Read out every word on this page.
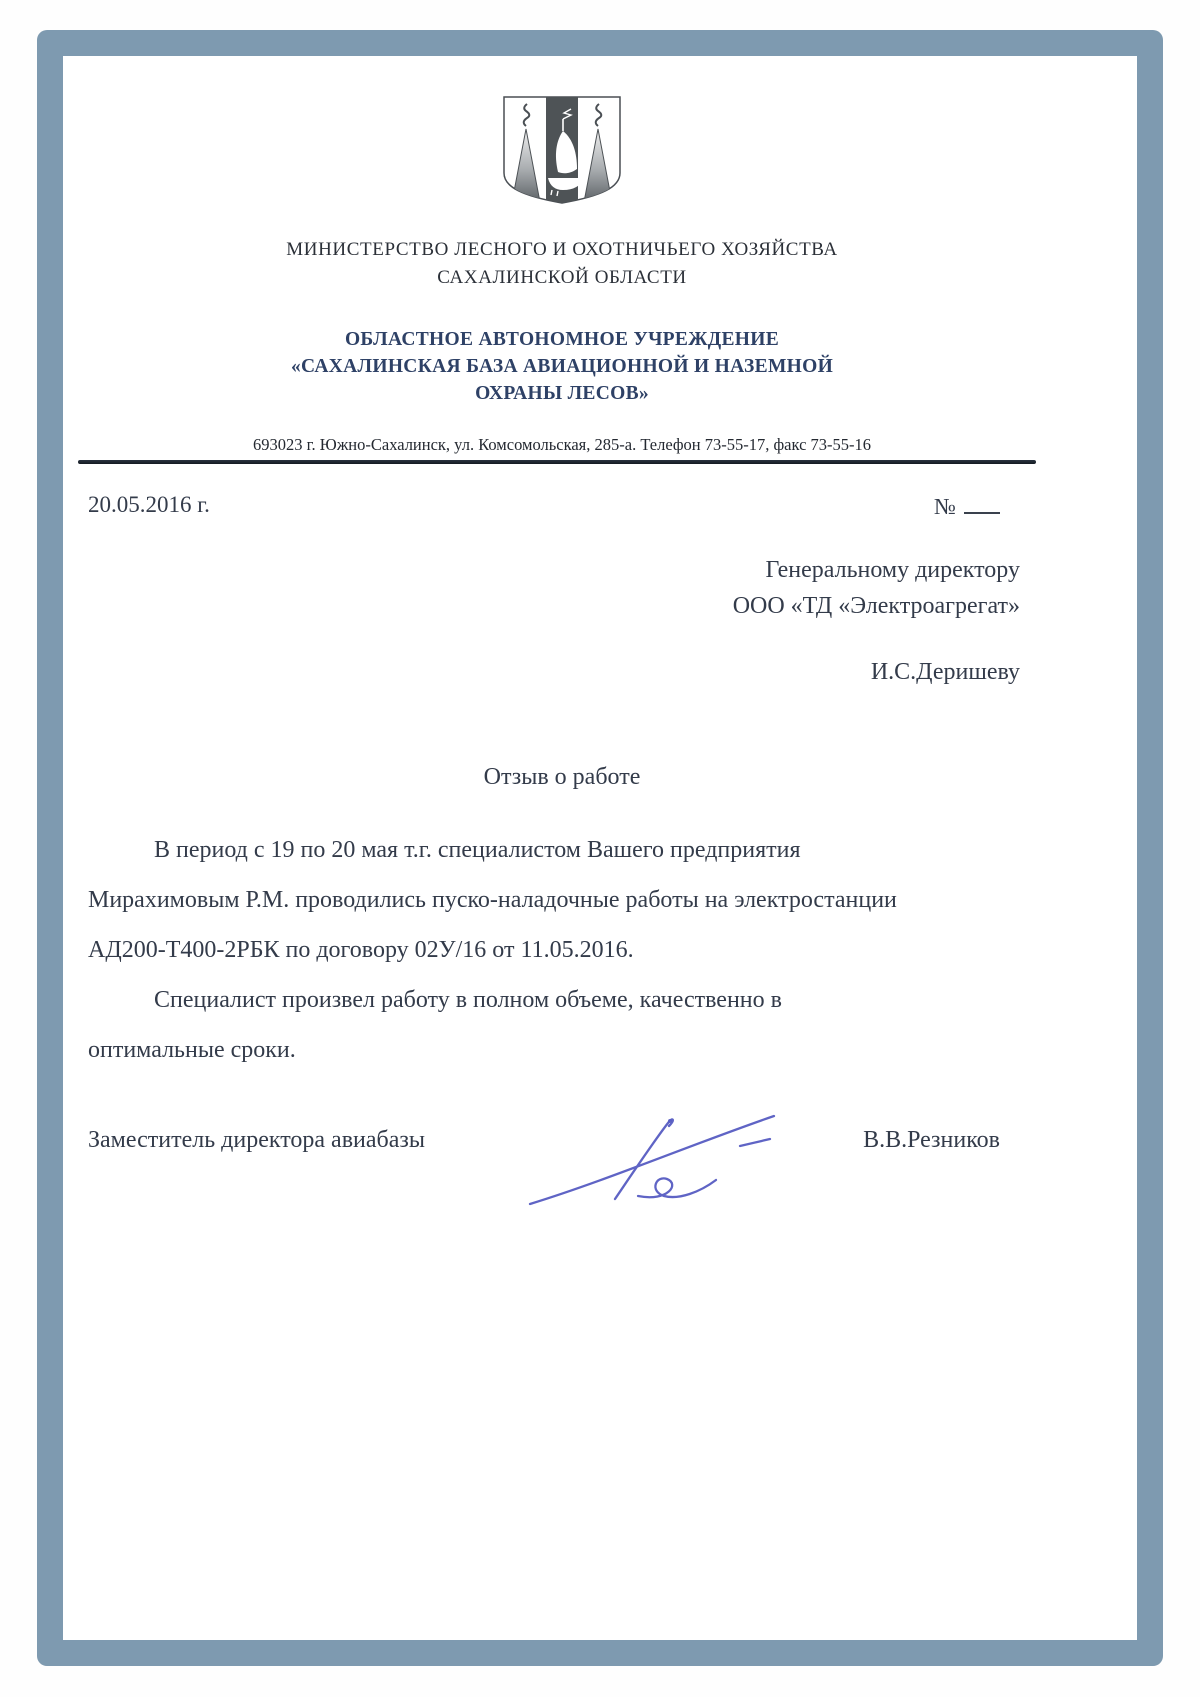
МИНИСТЕРСТВО ЛЕСНОГО И ОХОТНИЧЬЕГО ХОЗЯЙСТВА
САХАЛИНСКОЙ ОБЛАСТИ
ОБЛАСТНОЕ АВТОНОМНОЕ УЧРЕЖДЕНИЕ
«САХАЛИНСКАЯ БАЗА АВИАЦИОННОЙ И НАЗЕМНОЙ
ОХРАНЫ ЛЕСОВ»
693023 г. Южно-Сахалинск, ул. Комсомольская, 285-а. Телефон 73-55-17, факс 73-55-16
20.05.2016 г.	№
Генеральному директору
ООО «ТД «Электроагрегат»
И.С.Деришеву
Отзыв о работе
В период с 19 по 20 мая т.г. специалистом Вашего предприятия
Мирахимовым Р.М. проводились пуско-наладочные работы на электростанции
АД200-Т400-2РБК по договору 02У/16 от 11.05.2016.
Специалист произвел работу в полном объеме, качественно в
оптимальные сроки.
Заместитель директора авиабазы	В.В.Резников
